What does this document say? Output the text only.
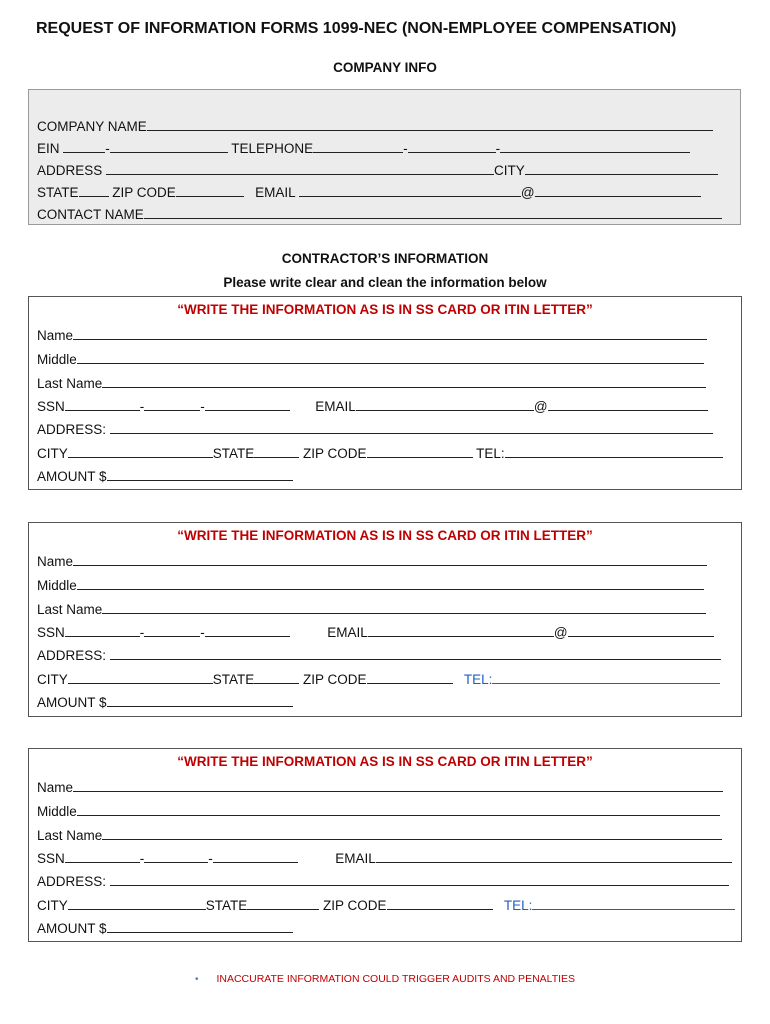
REQUEST OF INFORMATION FORMS 1099-NEC (NON-EMPLOYEE COMPENSATION)
COMPANY INFO
COMPANY NAME
EIN	-	TELEPHONE	-	-
ADDRESS	CITY
STATE	ZIP CODE	EMAIL	@
CONTACT NAME
CONTRACTOR’S INFORMATION
Please write clear and clean the information below
“WRITE THE INFORMATION AS IS IN SS CARD OR ITIN LETTER”
Name
Middle
Last Name
SSN	-	-	EMAIL	@
ADDRESS:
CITY	STATE	ZIP CODE	TEL:
AMOUNT $
“WRITE THE INFORMATION AS IS IN SS CARD OR ITIN LETTER”
Name
Middle
Last Name
SSN	-	-	EMAIL	@
ADDRESS:
CITY	STATE	ZIP CODE	TEL:
AMOUNT $
“WRITE THE INFORMATION AS IS IN SS CARD OR ITIN LETTER”
Name
Middle
Last Name
SSN	-	-	EMAIL
ADDRESS:
CITY	STATE	ZIP CODE	TEL:
AMOUNT $
• INACCURATE INFORMATION COULD TRIGGER AUDITS AND PENALTIES
